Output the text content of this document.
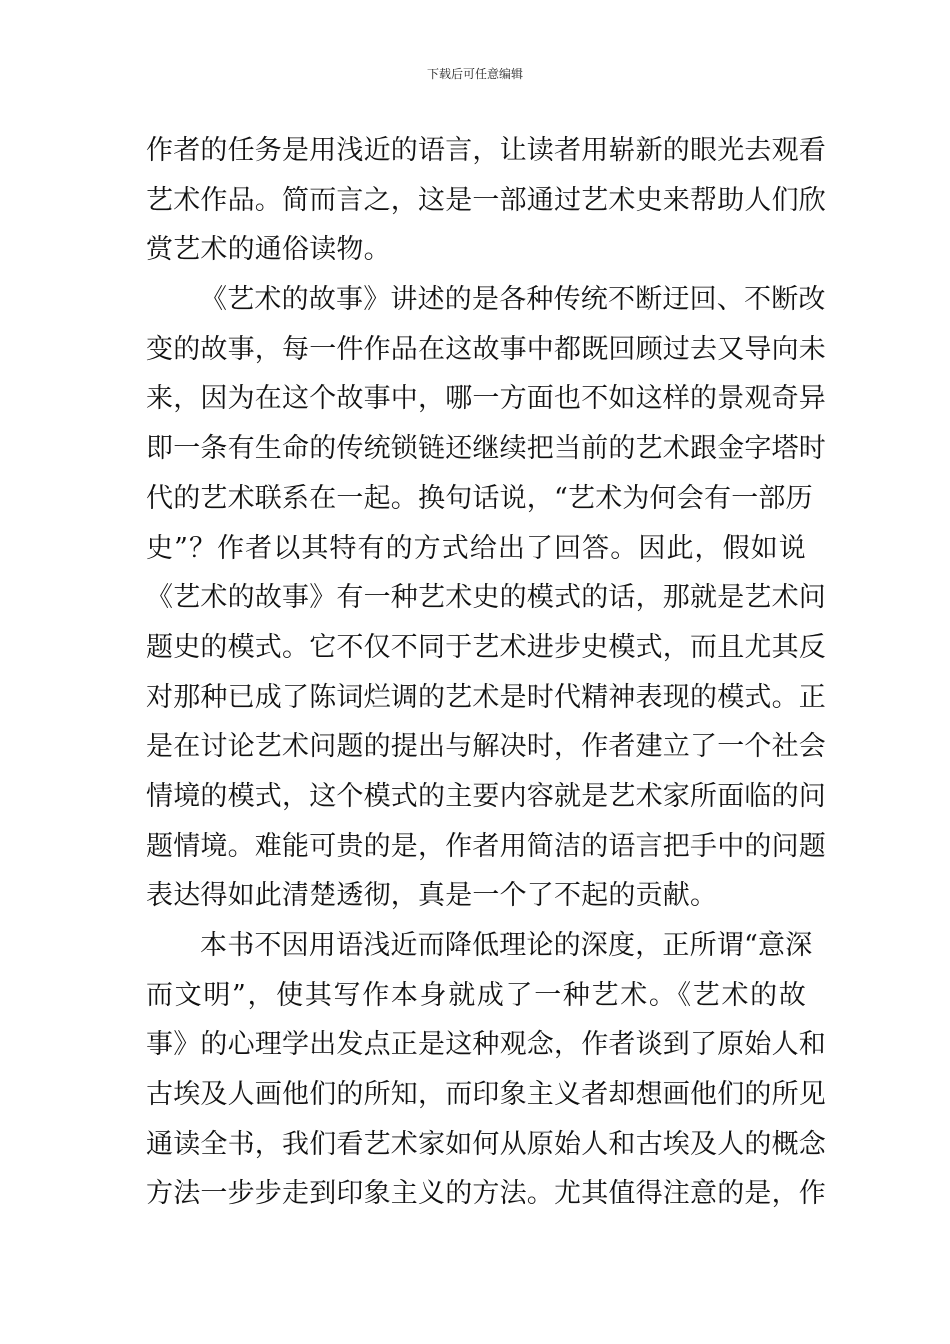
下载后可任意编辑
作者的任务是用浅近的语言，让读者用崭新的眼光去观看
艺术作品。简而言之，这是一部通过艺术史来帮助人们欣
赏艺术的通俗读物。
《艺术的故事》讲述的是各种传统不断迂回、不断改
变的故事，每一件作品在这故事中都既回顾过去又导向未
来，因为在这个故事中，哪一方面也不如这样的景观奇异
即一条有生命的传统锁链还继续把当前的艺术跟金字塔时
代的艺术联系在一起。换句话说，“艺术为何会有一部历
史”？作者以其特有的方式给出了回答。因此，假如说
《艺术的故事》有一种艺术史的模式的话，那就是艺术问
题史的模式。它不仅不同于艺术进步史模式，而且尤其反
对那种已成了陈词烂调的艺术是时代精神表现的模式。正
是在讨论艺术问题的提出与解决时，作者建立了一个社会
情境的模式，这个模式的主要内容就是艺术家所面临的问
题情境。难能可贵的是，作者用简洁的语言把手中的问题
表达得如此清楚透彻，真是一个了不起的贡献。
本书不因用语浅近而降低理论的深度，正所谓“意深
而文明”，使其写作本身就成了一种艺术。《艺术的故
事》的心理学出发点正是这种观念，作者谈到了原始人和
古埃及人画他们的所知，而印象主义者却想画他们的所见
通读全书，我们看艺术家如何从原始人和古埃及人的概念
方法一步步走到印象主义的方法。尤其值得注意的是，作
